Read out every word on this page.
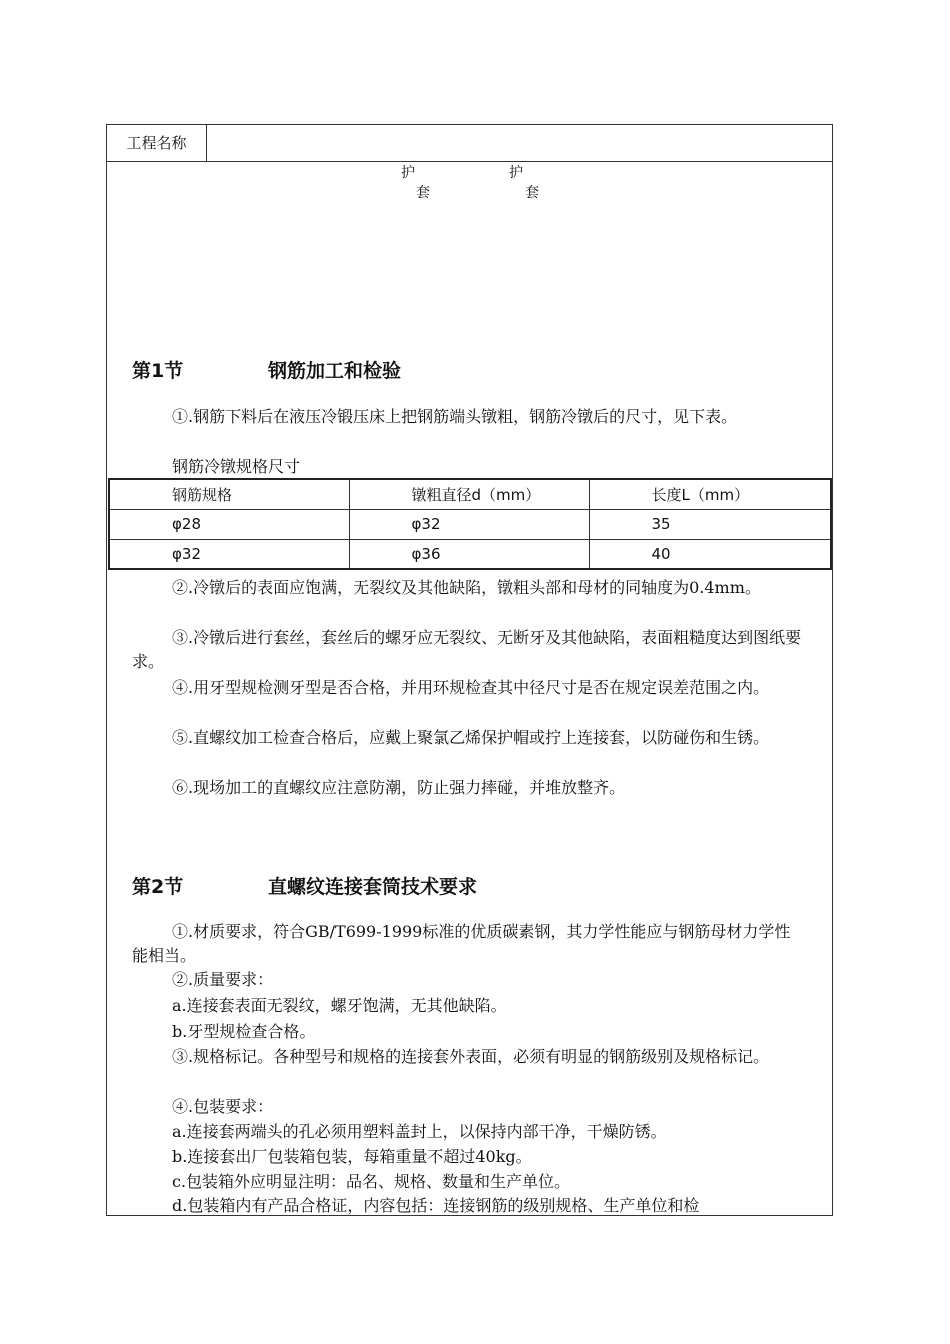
工程名称
护
套
护
套
第1节	钢筋加工和检验
①.钢筋下料后在液压冷锻压床上把钢筋端头镦粗，钢筋冷镦后的尺寸，见下表。
钢筋冷镦规格尺寸
钢筋规格	镦粗直径d（mm）	长度L（mm）
φ28	φ32	35
φ32	φ36	40
②.冷镦后的表面应饱满，无裂纹及其他缺陷，镦粗头部和母材的同轴度为0.4mm。
③.冷镦后进行套丝，套丝后的螺牙应无裂纹、无断牙及其他缺陷，表面粗糙度达到图纸要求。
④.用牙型规检测牙型是否合格，并用环规检查其中径尺寸是否在规定误差范围之内。
⑤.直螺纹加工检查合格后，应戴上聚氯乙烯保护帽或拧上连接套，以防碰伤和生锈。
⑥.现场加工的直螺纹应注意防潮，防止强力摔碰，并堆放整齐。
第2节	直螺纹连接套筒技术要求
①.材质要求，符合GB/T699-1999标准的优质碳素钢，其力学性能应与钢筋母材力学性能相当。
②.质量要求：
a.连接套表面无裂纹，螺牙饱满，无其他缺陷。
b.牙型规检查合格。
③.规格标记。各种型号和规格的连接套外表面，必须有明显的钢筋级别及规格标记。
④.包装要求：
a.连接套两端头的孔必须用塑料盖封上，以保持内部干净，干燥防锈。
b.连接套出厂包装箱包装，每箱重量不超过40kg。
c.包装箱外应明显注明：品名、规格、数量和生产单位。
d.包装箱内有产品合格证，内容包括：连接钢筋的级别规格、生产单位和检
